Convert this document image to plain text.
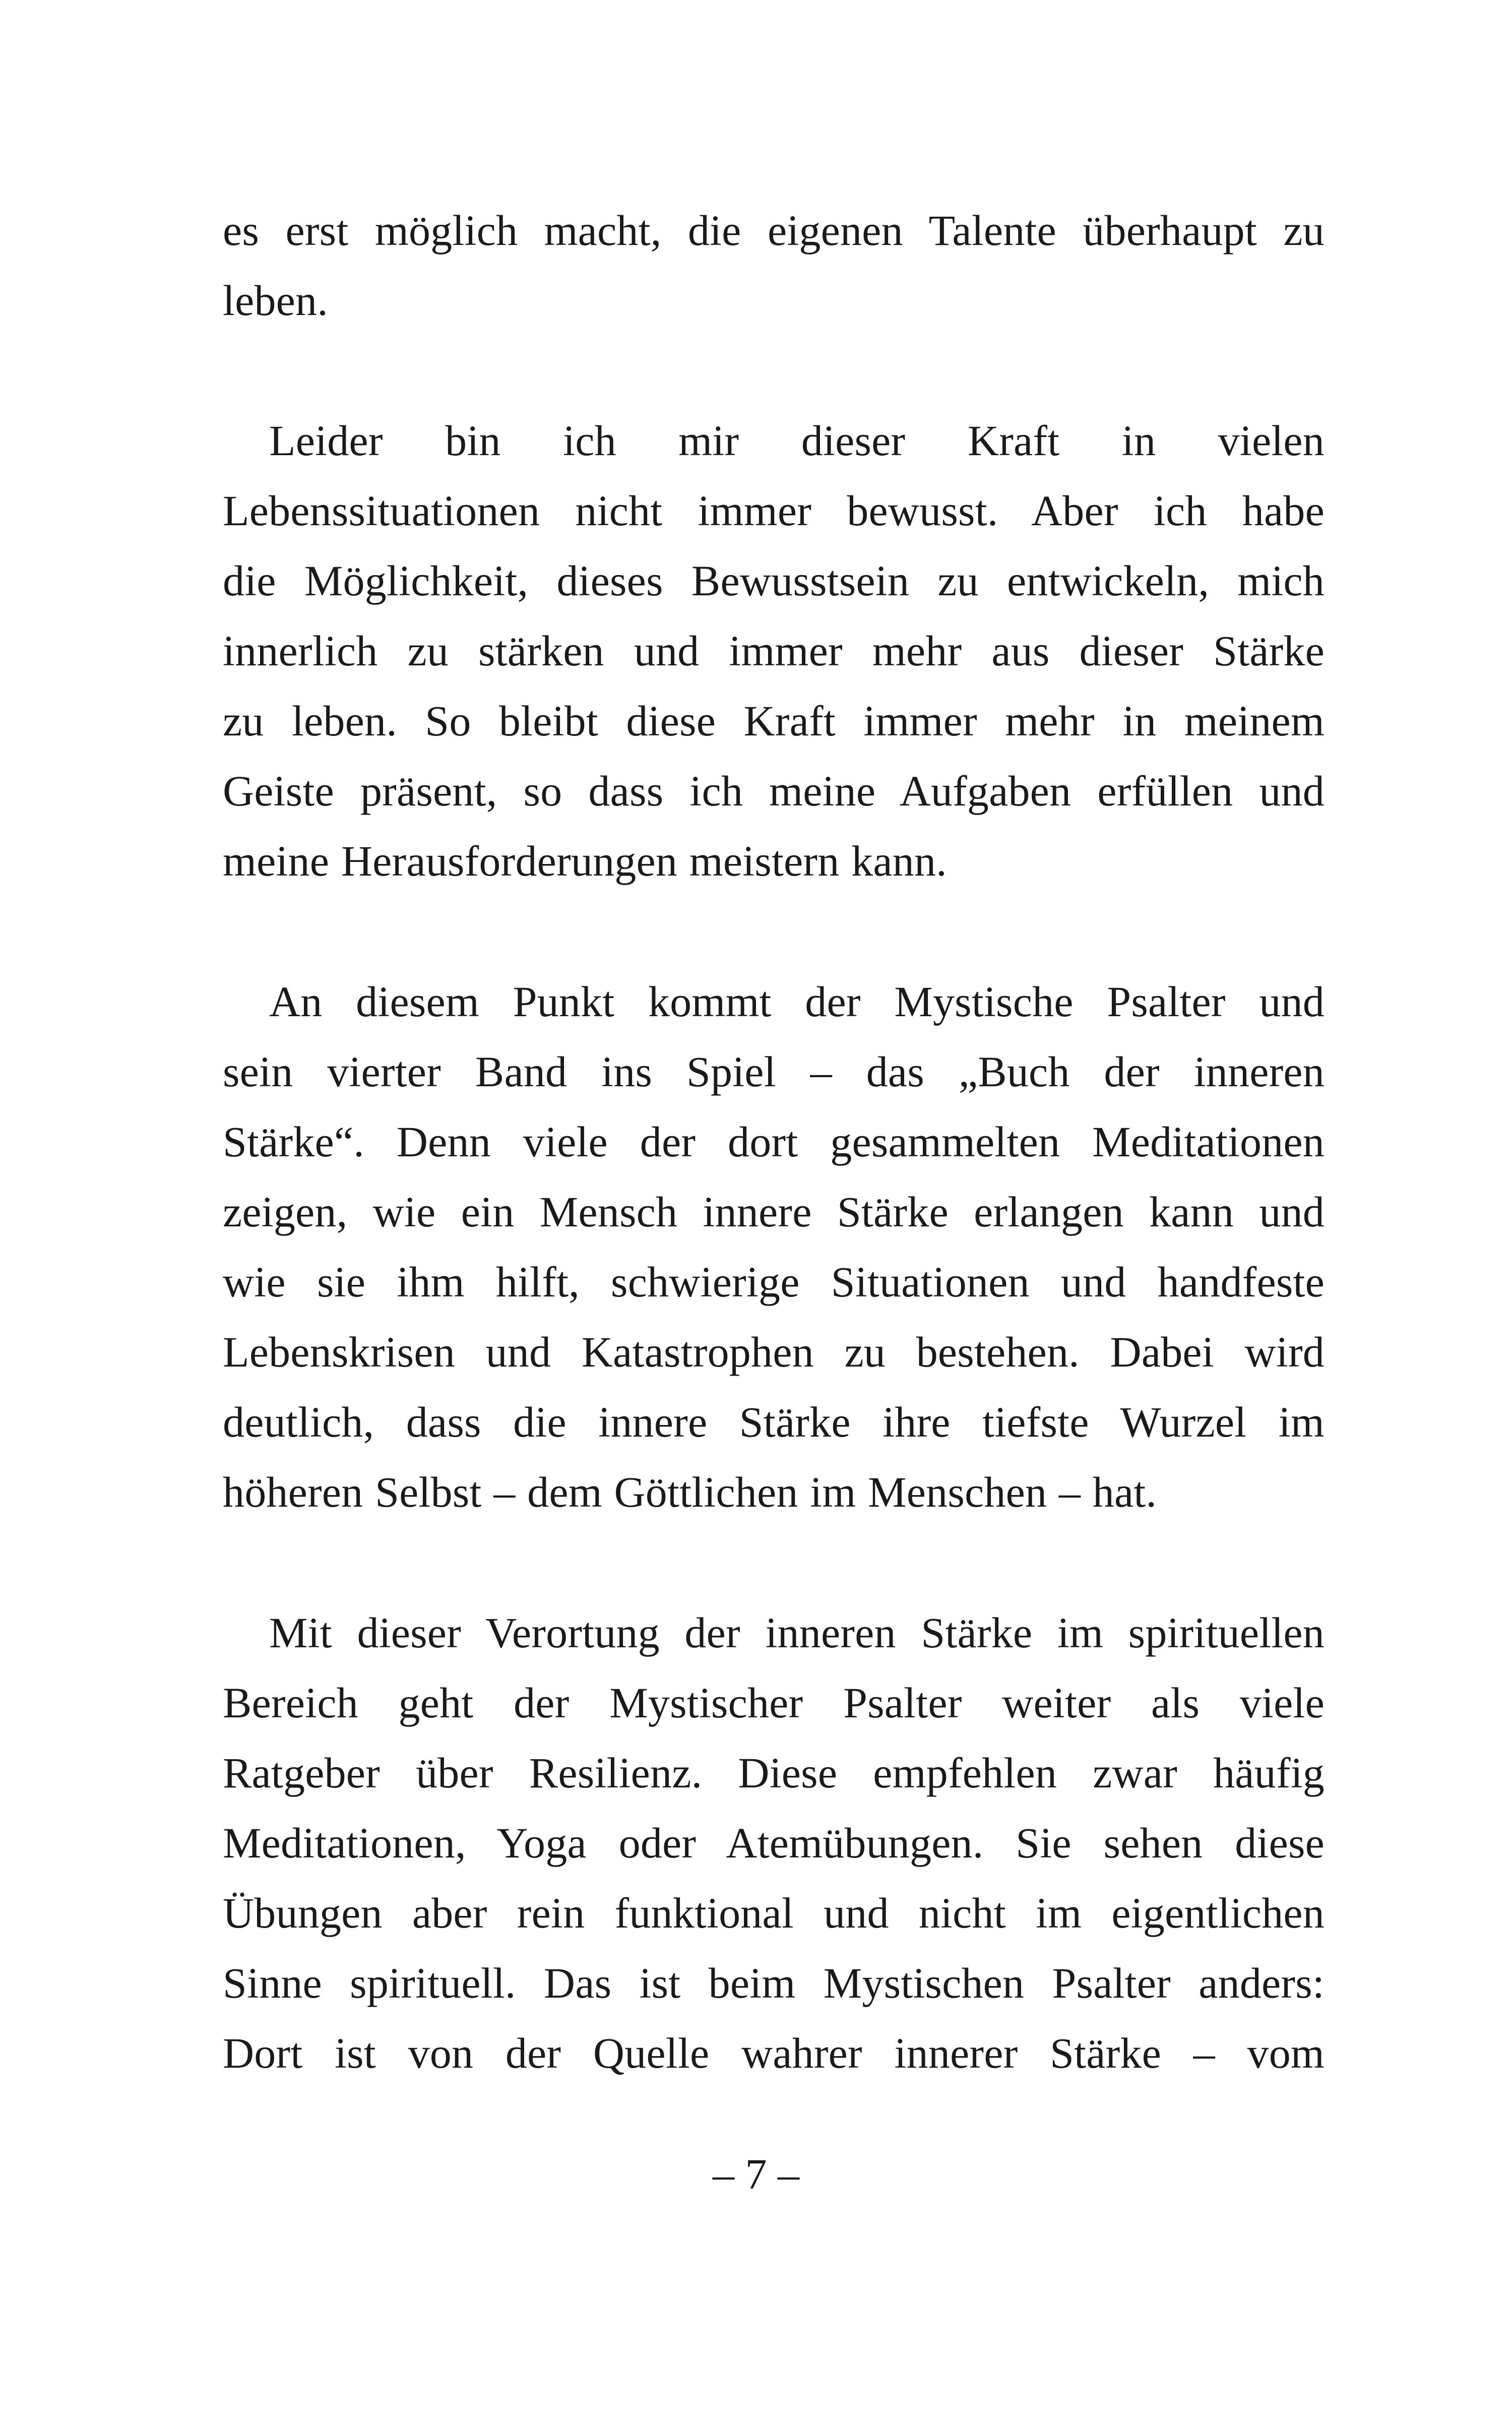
es erst möglich macht, die eigenen Talente überhaupt zu
leben.
Leider bin ich mir dieser Kraft in vielen
Lebenssituationen nicht immer bewusst. Aber ich habe
die Möglichkeit, dieses Bewusstsein zu entwickeln, mich
innerlich zu stärken und immer mehr aus dieser Stärke
zu leben. So bleibt diese Kraft immer mehr in meinem
Geiste präsent, so dass ich meine Aufgaben erfüllen und
meine Herausforderungen meistern kann.
An diesem Punkt kommt der Mystische Psalter und
sein vierter Band ins Spiel – das „Buch der inneren
Stärke“. Denn viele der dort gesammelten Meditationen
zeigen, wie ein Mensch innere Stärke erlangen kann und
wie sie ihm hilft, schwierige Situationen und handfeste
Lebenskrisen und Katastrophen zu bestehen. Dabei wird
deutlich, dass die innere Stärke ihre tiefste Wurzel im
höheren Selbst – dem Göttlichen im Menschen – hat.
Mit dieser Verortung der inneren Stärke im spirituellen
Bereich geht der Mystischer Psalter weiter als viele
Ratgeber über Resilienz. Diese empfehlen zwar häufig
Meditationen, Yoga oder Atemübungen. Sie sehen diese
Übungen aber rein funktional und nicht im eigentlichen
Sinne spirituell. Das ist beim Mystischen Psalter anders:
Dort ist von der Quelle wahrer innerer Stärke – vom
– 7 –
